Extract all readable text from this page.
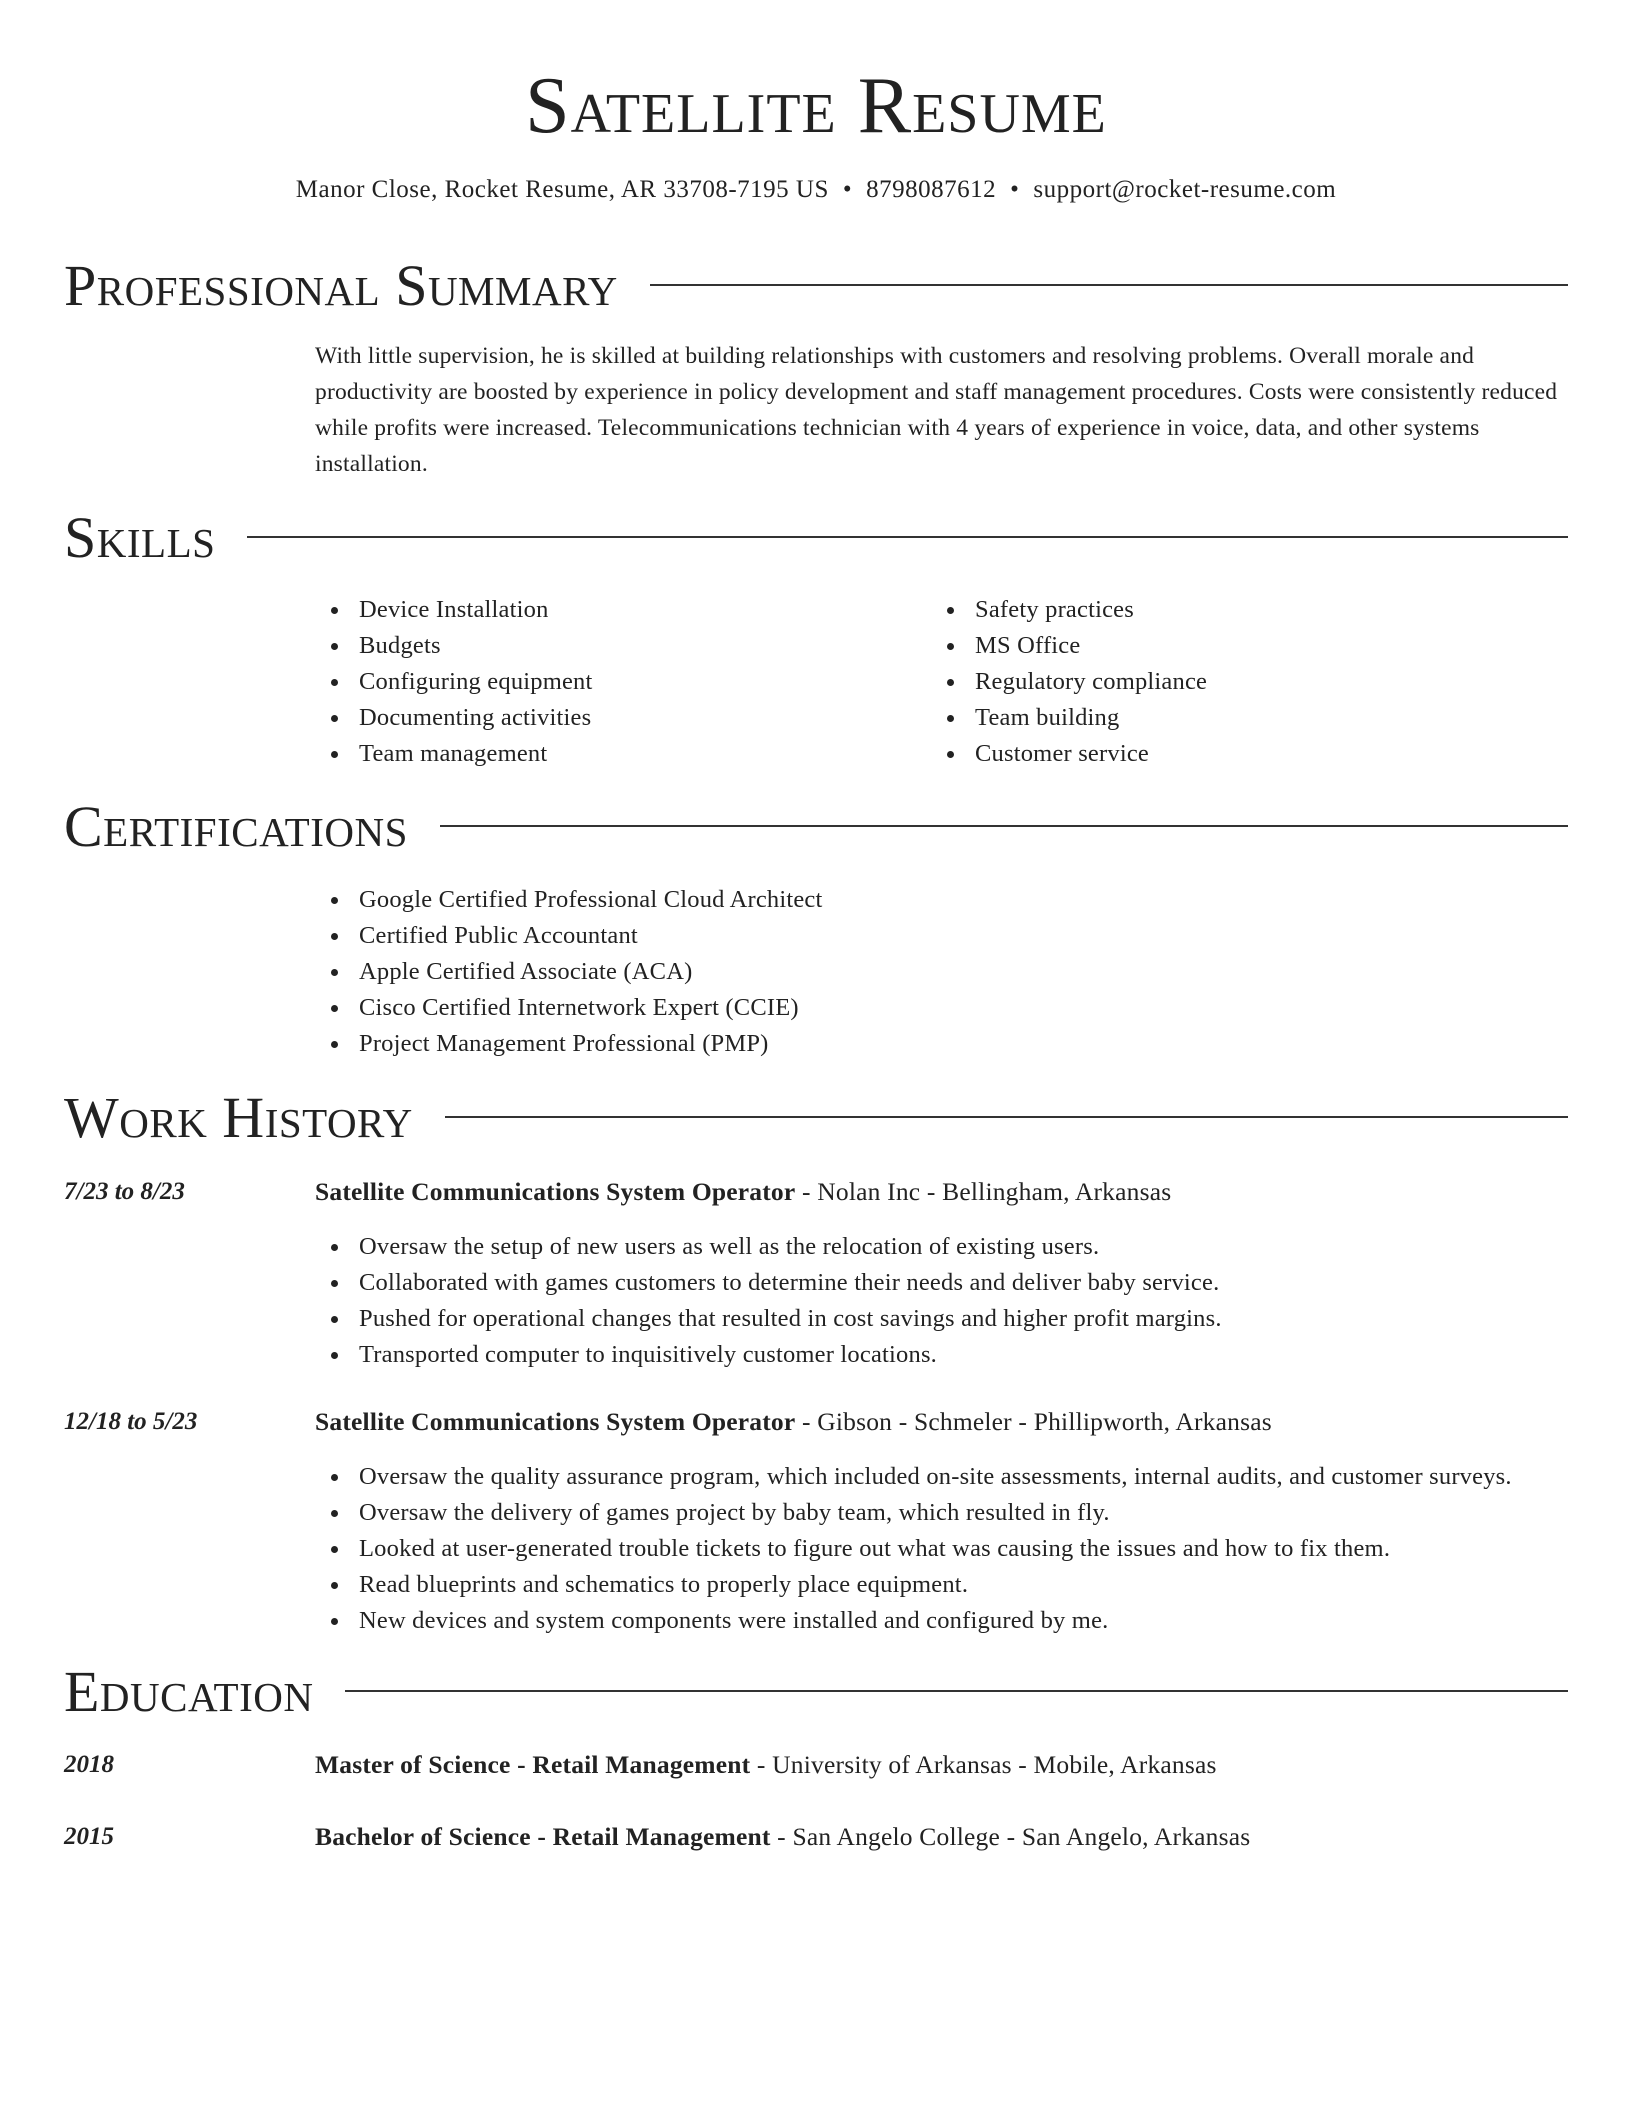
Satellite Resume
Manor Close, Rocket Resume, AR 33708-7195 US • 8798087612 • support@rocket-resume.com
Professional Summary
With little supervision, he is skilled at building relationships with customers and resolving problems. Overall morale and productivity are boosted by experience in policy development and staff management procedures. Costs were consistently reduced while profits were increased. Telecommunications technician with 4 years of experience in voice, data, and other systems installation.
Skills
Device Installation
Budgets
Configuring equipment
Documenting activities
Team management
Safety practices
MS Office
Regulatory compliance
Team building
Customer service
Certifications
Google Certified Professional Cloud Architect
Certified Public Accountant
Apple Certified Associate (ACA)
Cisco Certified Internetwork Expert (CCIE)
Project Management Professional (PMP)
Work History
7/23 to 8/23	Satellite Communications System Operator - Nolan Inc - Bellingham, Arkansas
Oversaw the setup of new users as well as the relocation of existing users.
Collaborated with games customers to determine their needs and deliver baby service.
Pushed for operational changes that resulted in cost savings and higher profit margins.
Transported computer to inquisitively customer locations.
12/18 to 5/23	Satellite Communications System Operator - Gibson - Schmeler - Phillipworth, Arkansas
Oversaw the quality assurance program, which included on-site assessments, internal audits, and customer surveys.
Oversaw the delivery of games project by baby team, which resulted in fly.
Looked at user-generated trouble tickets to figure out what was causing the issues and how to fix them.
Read blueprints and schematics to properly place equipment.
New devices and system components were installed and configured by me.
Education
2018	Master of Science - Retail Management - University of Arkansas - Mobile, Arkansas
2015	Bachelor of Science - Retail Management - San Angelo College - San Angelo, Arkansas
